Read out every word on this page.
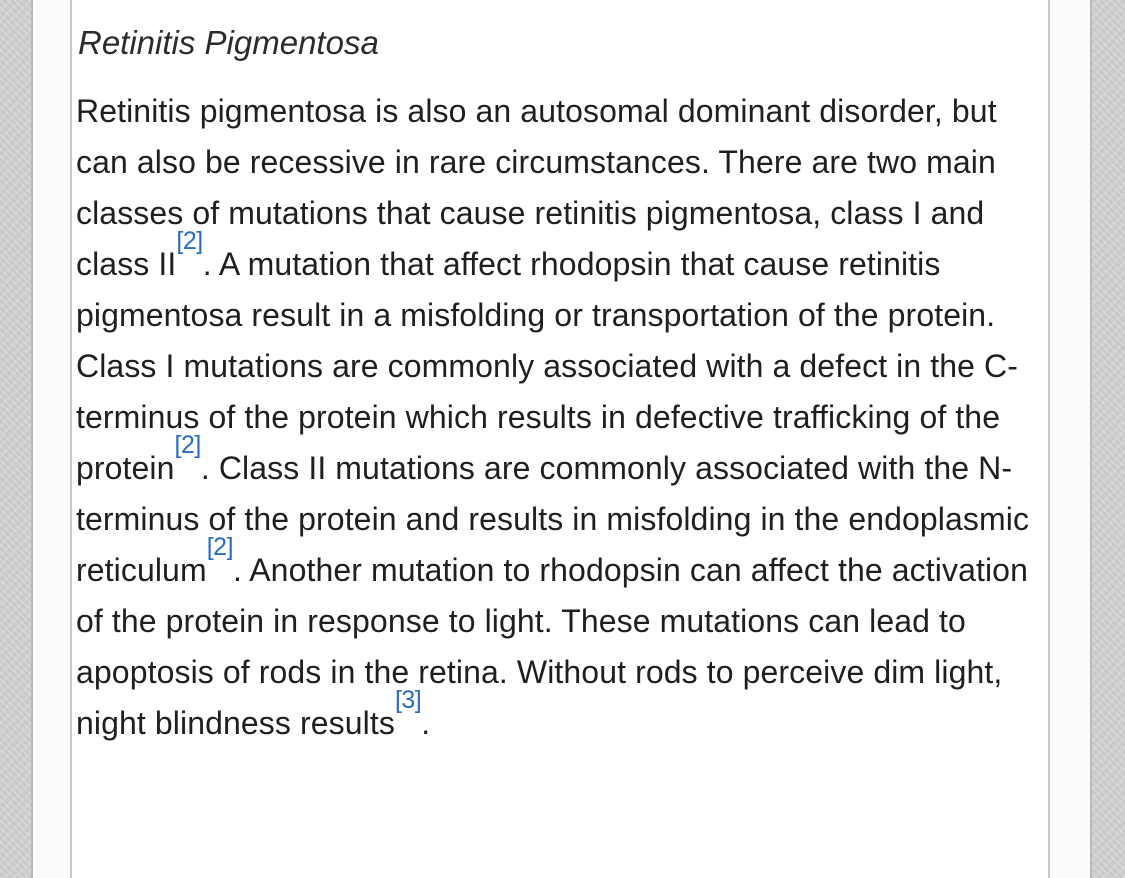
Retinitis Pigmentosa

Retinitis pigmentosa is also an autosomal dominant disorder, but can also be recessive in rare circumstances. There are two main classes of mutations that cause retinitis pigmentosa, class I and class II[2]. A mutation that affect rhodopsin that cause retinitis pigmentosa result in a misfolding or transportation of the protein. Class I mutations are commonly associated with a defect in the C-terminus of the protein which results in defective trafficking of the protein[2]. Class II mutations are commonly associated with the N-terminus of the protein and results in misfolding in the endoplasmic reticulum[2]. Another mutation to rhodopsin can affect the activation of the protein in response to light. These mutations can lead to apoptosis of rods in the retina. Without rods to perceive dim light, night blindness results[3].
